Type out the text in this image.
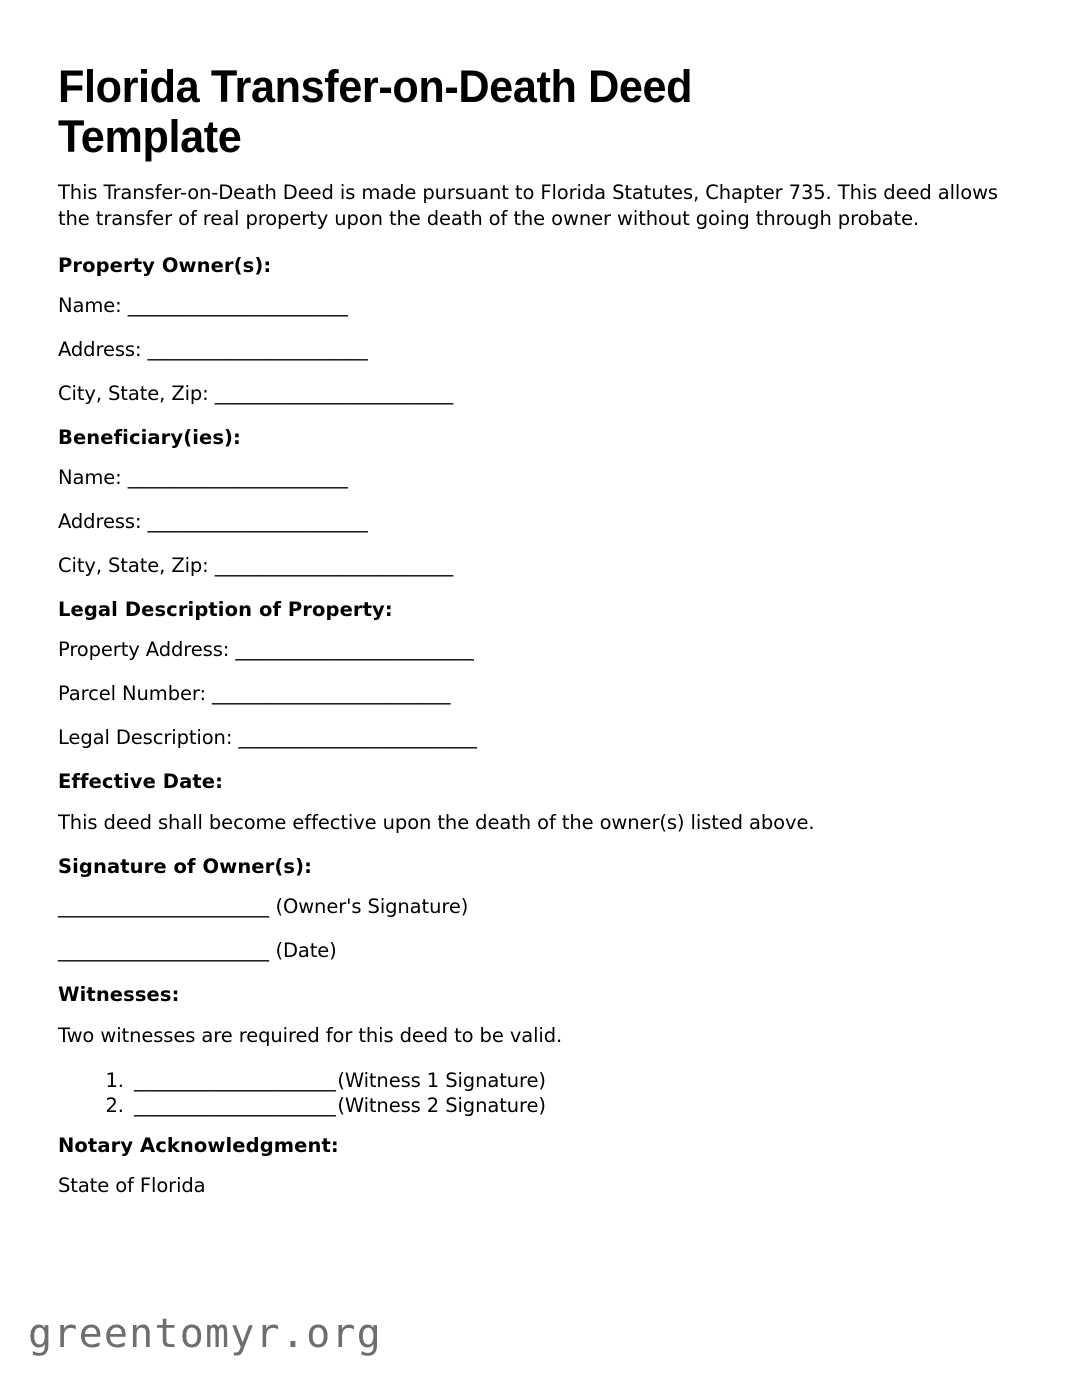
Florida Transfer-on-Death Deed Template

This Transfer-on-Death Deed is made pursuant to Florida Statutes, Chapter 735. This deed allows the transfer of real property upon the death of the owner without going through probate.

Property Owner(s):

Name: ________________________

Address: ________________________

City, State, Zip: __________________________

Beneficiary(ies):

Name: ________________________

Address: ________________________

City, State, Zip: __________________________

Legal Description of Property:

Property Address: __________________________

Parcel Number: __________________________

Legal Description: __________________________

Effective Date:

This deed shall become effective upon the death of the owner(s) listed above.

Signature of Owner(s):

_______________________ (Owner's Signature)

_______________________ (Date)

Witnesses:

Two witnesses are required for this deed to be valid.

1. ______________________ (Witness 1 Signature)
2. ______________________ (Witness 2 Signature)
Notary Acknowledgment:

State of Florida

greentomyr.org
